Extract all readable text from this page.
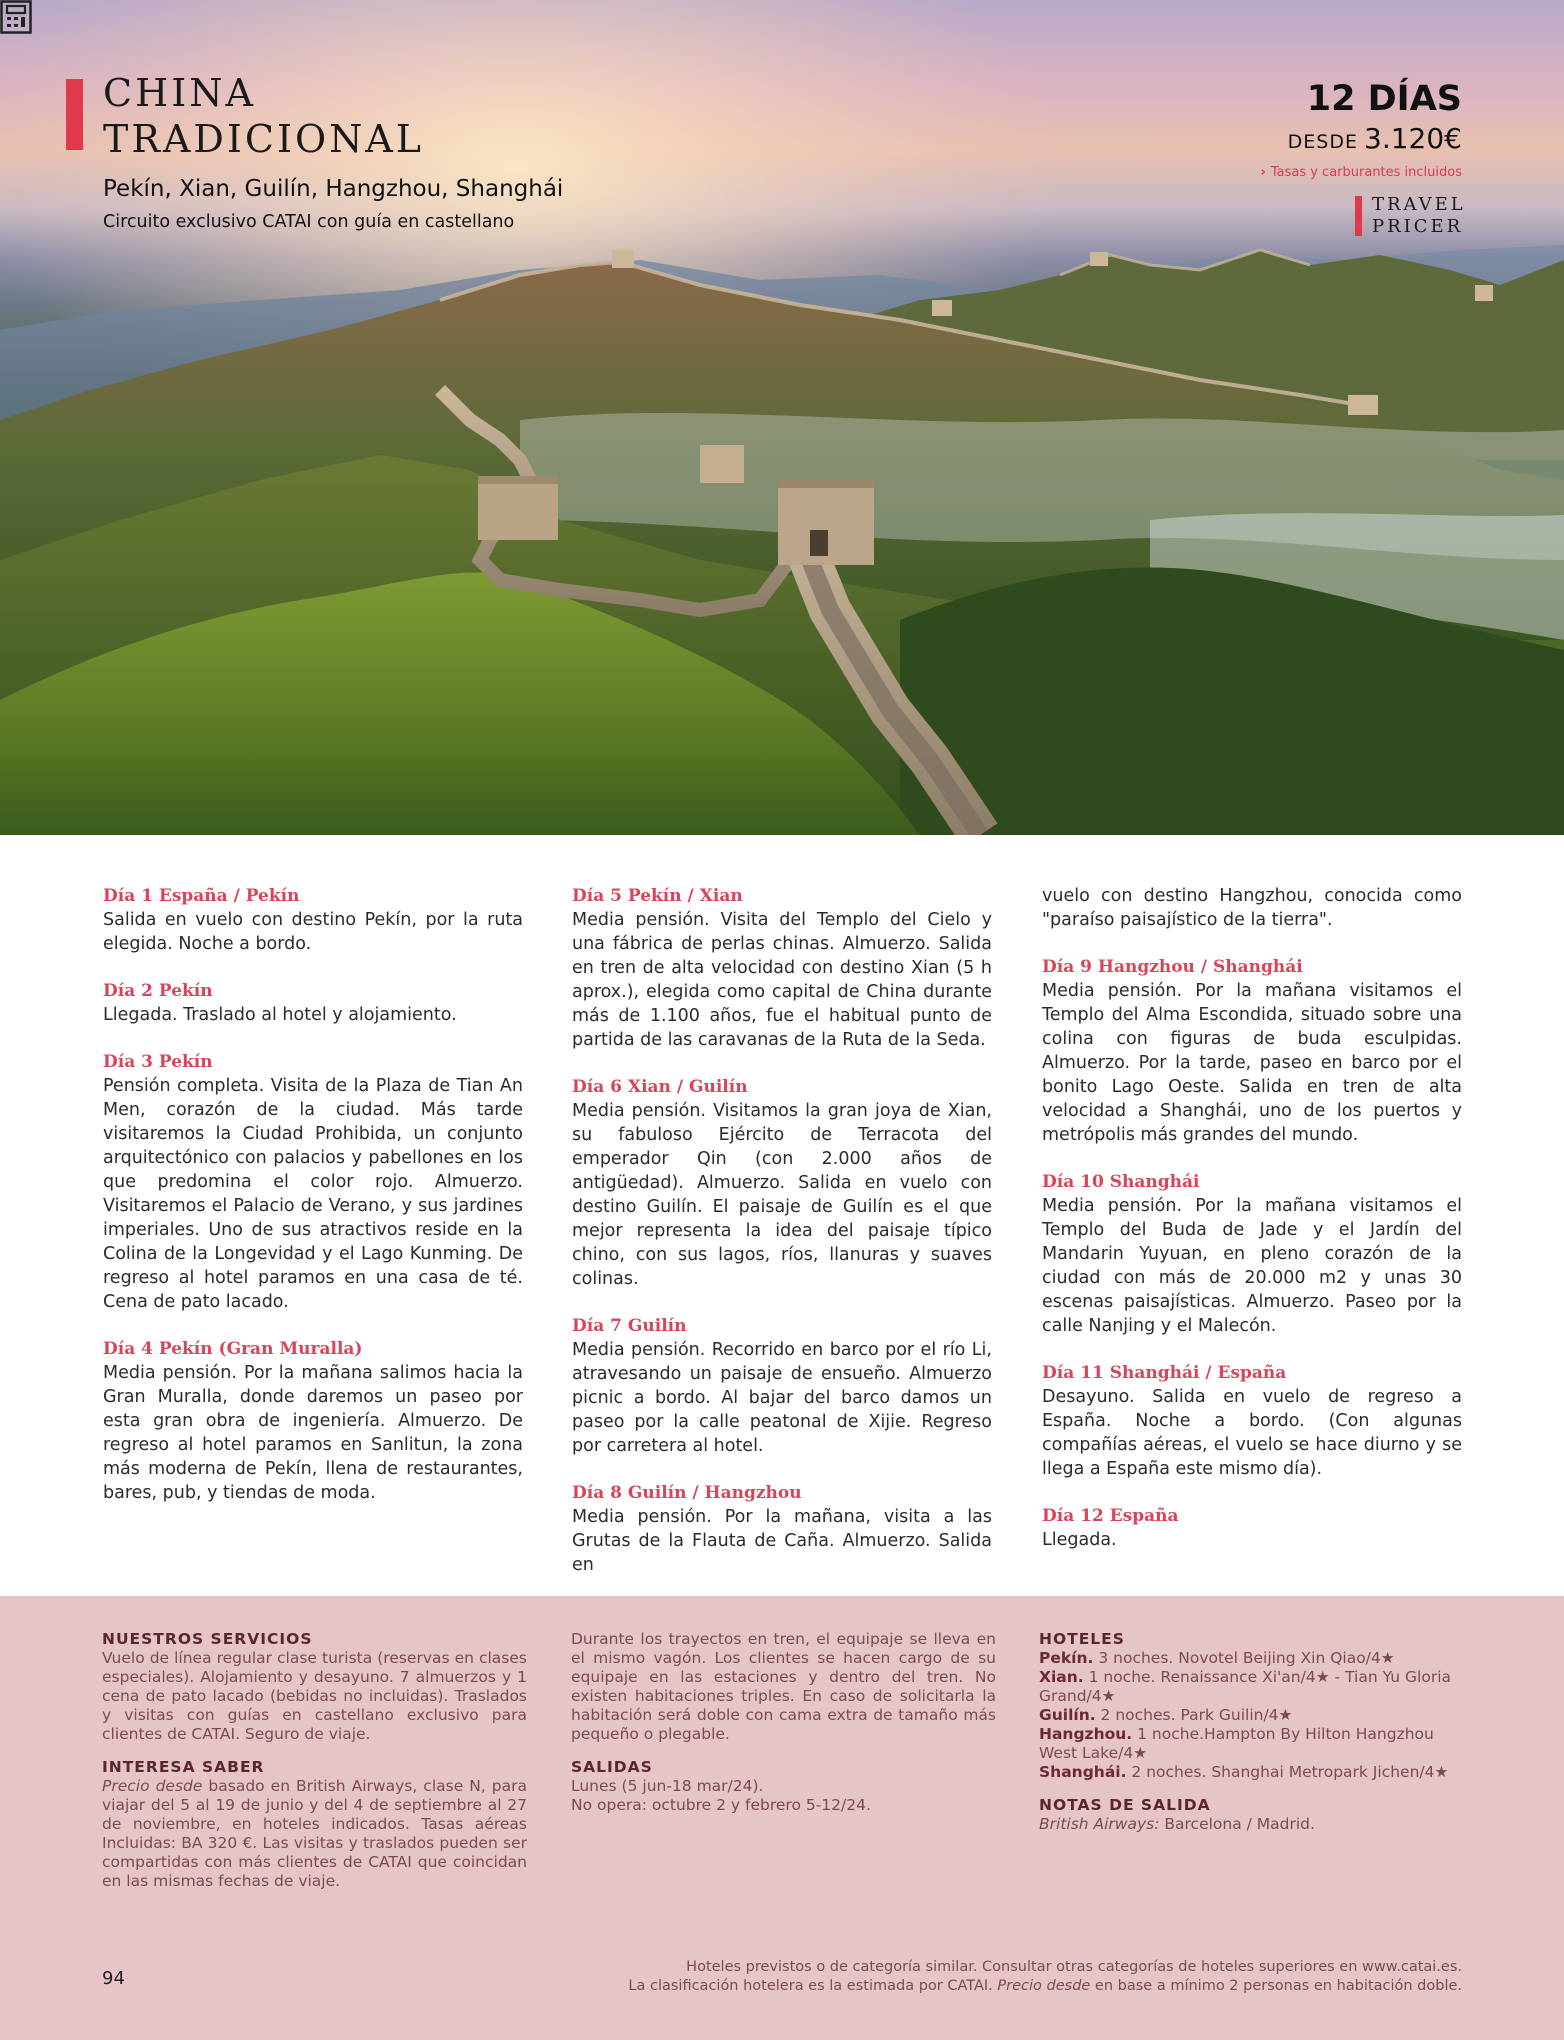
CHINA
TRADICIONAL
Pekín, Xian, Guilín, Hangzhou, Shanghái
Circuito exclusivo CATAI con guía en castellano
12 DÍAS
DESDE 3.120€
› Tasas y carburantes incluidos
TRAVEL
PRICER
Día 1 España / Pekín

Salida en vuelo con destino Pekín, por la ruta elegida. Noche a bordo.

Día 2 Pekín

Llegada. Traslado al hotel y alojamiento.

Día 3 Pekín

Pensión completa. Visita de la Plaza de Tian An Men, corazón de la ciudad. Más tarde visitaremos la Ciudad Prohibida, un conjunto arquitectónico con palacios y pabellones en los que predomina el color rojo. Almuerzo. Visitaremos el Palacio de Verano, y sus jardines imperiales. Uno de sus atractivos reside en la Colina de la Longevidad y el Lago Kunming. De regreso al hotel paramos en una casa de té. Cena de pato lacado.

Día 4 Pekín (Gran Muralla)

Media pensión. Por la mañana salimos hacia la Gran Muralla, donde daremos un paseo por esta gran obra de ingeniería. Almuerzo. De regreso al hotel paramos en Sanlitun, la zona más moderna de Pekín, llena de restaurantes, bares, pub, y tiendas de moda.

Día 5 Pekín / Xian

Media pensión. Visita del Templo del Cielo y una fábrica de perlas chinas. Almuerzo. Salida en tren de alta velocidad con destino Xian (5 h aprox.), elegida como capital de China durante más de 1.100 años, fue el habitual punto de partida de las caravanas de la Ruta de la Seda.

Día 6 Xian / Guilín

Media pensión. Visitamos la gran joya de Xian, su fabuloso Ejército de Terracota del emperador Qin (con 2.000 años de antigüedad). Almuerzo. Salida en vuelo con destino Guilín. El paisaje de Guilín es el que mejor representa la idea del paisaje típico chino, con sus lagos, ríos, llanuras y suaves colinas.

Día 7 Guilín

Media pensión. Recorrido en barco por el río Li, atravesando un paisaje de ensueño. Almuerzo picnic a bordo. Al bajar del barco damos un paseo por la calle peatonal de Xijie. Regreso por carretera al hotel.

Día 8 Guilín / Hangzhou

Media pensión. Por la mañana, visita a las Grutas de la Flauta de Caña. Almuerzo. Salida en

vuelo con destino Hangzhou, conocida como "paraíso paisajístico de la tierra".

Día 9 Hangzhou / Shanghái

Media pensión. Por la mañana visitamos el Templo del Alma Escondida, situado sobre una colina con figuras de buda esculpidas. Almuerzo. Por la tarde, paseo en barco por el bonito Lago Oeste. Salida en tren de alta velocidad a Shanghái, uno de los puertos y metrópolis más grandes del mundo.

Día 10 Shanghái

Media pensión. Por la mañana visitamos el Templo del Buda de Jade y el Jardín del Mandarin Yuyuan, en pleno corazón de la ciudad con más de 20.000 m2 y unas 30 escenas paisajísticas. Almuerzo. Paseo por la calle Nanjing y el Malecón.

Día 11 Shanghái / España

Desayuno. Salida en vuelo de regreso a España. Noche a bordo. (Con algunas compañías aéreas, el vuelo se hace diurno y se llega a España este mismo día).

Día 12 España

Llegada.

NUESTROS SERVICIOS

Vuelo de línea regular clase turista (reservas en clases especiales). Alojamiento y desayuno. 7 almuerzos y 1 cena de pato lacado (bebidas no incluidas). Traslados y visitas con guías en castellano exclusivo para clientes de CATAI. Seguro de viaje.

INTERESA SABER

Precio desde basado en British Airways, clase N, para viajar del 5 al 19 de junio y del 4 de septiembre al 27 de noviembre, en hoteles indicados. Tasas aéreas Incluidas: BA 320 €. Las visitas y traslados pueden ser compartidas con más clientes de CATAI que coincidan en las mismas fechas de viaje.

Durante los trayectos en tren, el equipaje se lleva en el mismo vagón. Los clientes se hacen cargo de su equipaje en las estaciones y dentro del tren. No existen habitaciones triples. En caso de solicitarla la habitación será doble con cama extra de tamaño más pequeño o plegable.

SALIDAS

Lunes (5 jun-18 mar/24).

No opera: octubre 2 y febrero 5-12/24.

HOTELES

Pekín. 3 noches. Novotel Beijing Xin Qiao/4★

Xian. 1 noche. Renaissance Xi'an/4★ - Tian Yu Gloria Grand/4★

Guilín. 2 noches. Park Guilin/4★

Hangzhou. 1 noche.Hampton By Hilton Hangzhou West Lake/4★

Shanghái. 2 noches. Shanghai Metropark Jichen/4★

NOTAS DE SALIDA

British Airways: Barcelona / Madrid.

94
Hoteles previstos o de categoría similar. Consultar otras categorías de hoteles superiores en www.catai.es.
La clasificación hotelera es la estimada por CATAI. Precio desde en base a mínimo 2 personas en habitación doble.
